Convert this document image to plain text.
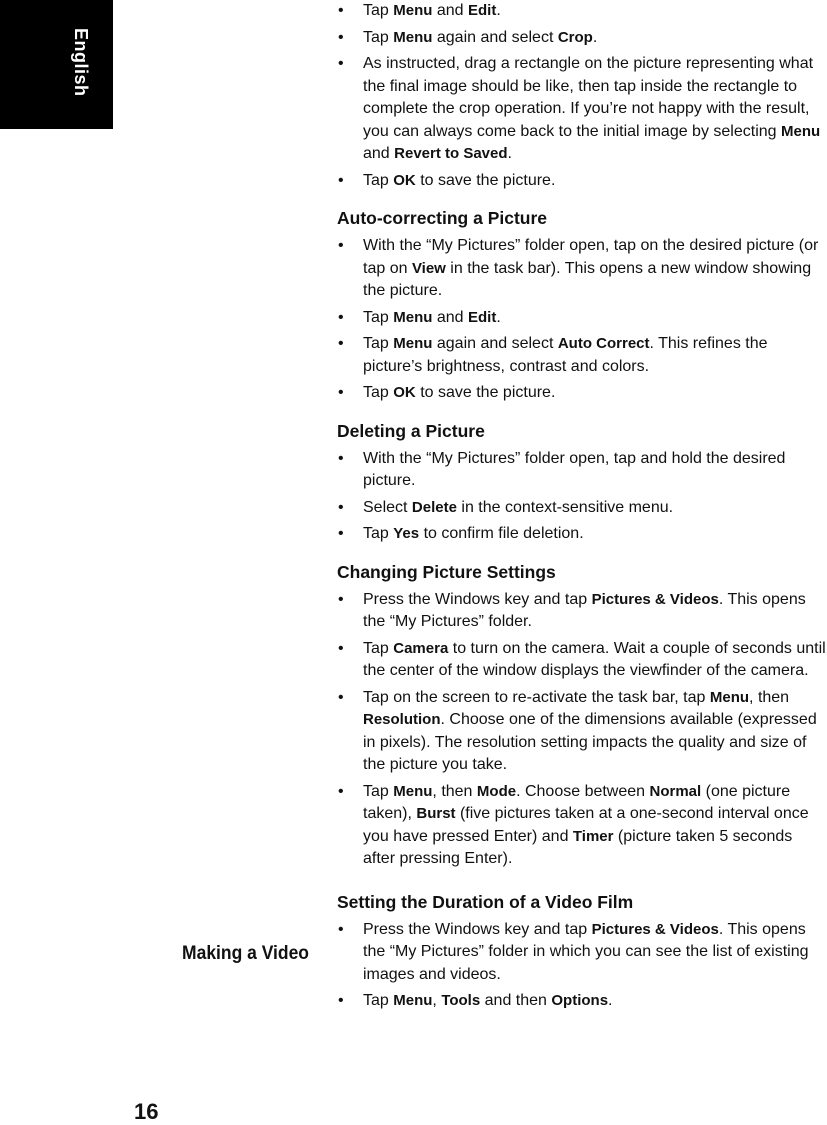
English
Making a Video
• Tap Menu and Edit.
• Tap Menu again and select Crop.
• As instructed, drag a rectangle on the picture representing what the final image should be like, then tap inside the rectangle to complete the crop operation. If you’re not happy with the result, you can always come back to the initial image by selecting Menu and Revert to Saved.
• Tap OK to save the picture.
Auto-correcting a Picture
• With the “My Pictures” folder open, tap on the desired picture (or tap on View in the task bar). This opens a new window showing the picture.
• Tap Menu and Edit.
• Tap Menu again and select Auto Correct. This refines the picture’s brightness, contrast and colors.
• Tap OK to save the picture.
Deleting a Picture
• With the “My Pictures” folder open, tap and hold the desired picture.
• Select Delete in the context-sensitive menu.
• Tap Yes to confirm file deletion.
Changing Picture Settings
• Press the Windows key and tap Pictures & Videos. This opens the “My Pictures” folder.
• Tap Camera to turn on the camera. Wait a couple of seconds until the center of the window displays the viewfinder of the camera.
• Tap on the screen to re-activate the task bar, tap Menu, then Resolution. Choose one of the dimensions available (expressed in pixels). The resolution setting impacts the quality and size of the picture you take.
• Tap Menu, then Mode. Choose between Normal (one picture taken), Burst (five pictures taken at a one-second interval once you have pressed Enter) and Timer (picture taken 5 seconds after pressing Enter).
Setting the Duration of a Video Film
• Press the Windows key and tap Pictures & Videos. This opens the “My Pictures” folder in which you can see the list of existing images and videos.
• Tap Menu, Tools and then Options.
16
